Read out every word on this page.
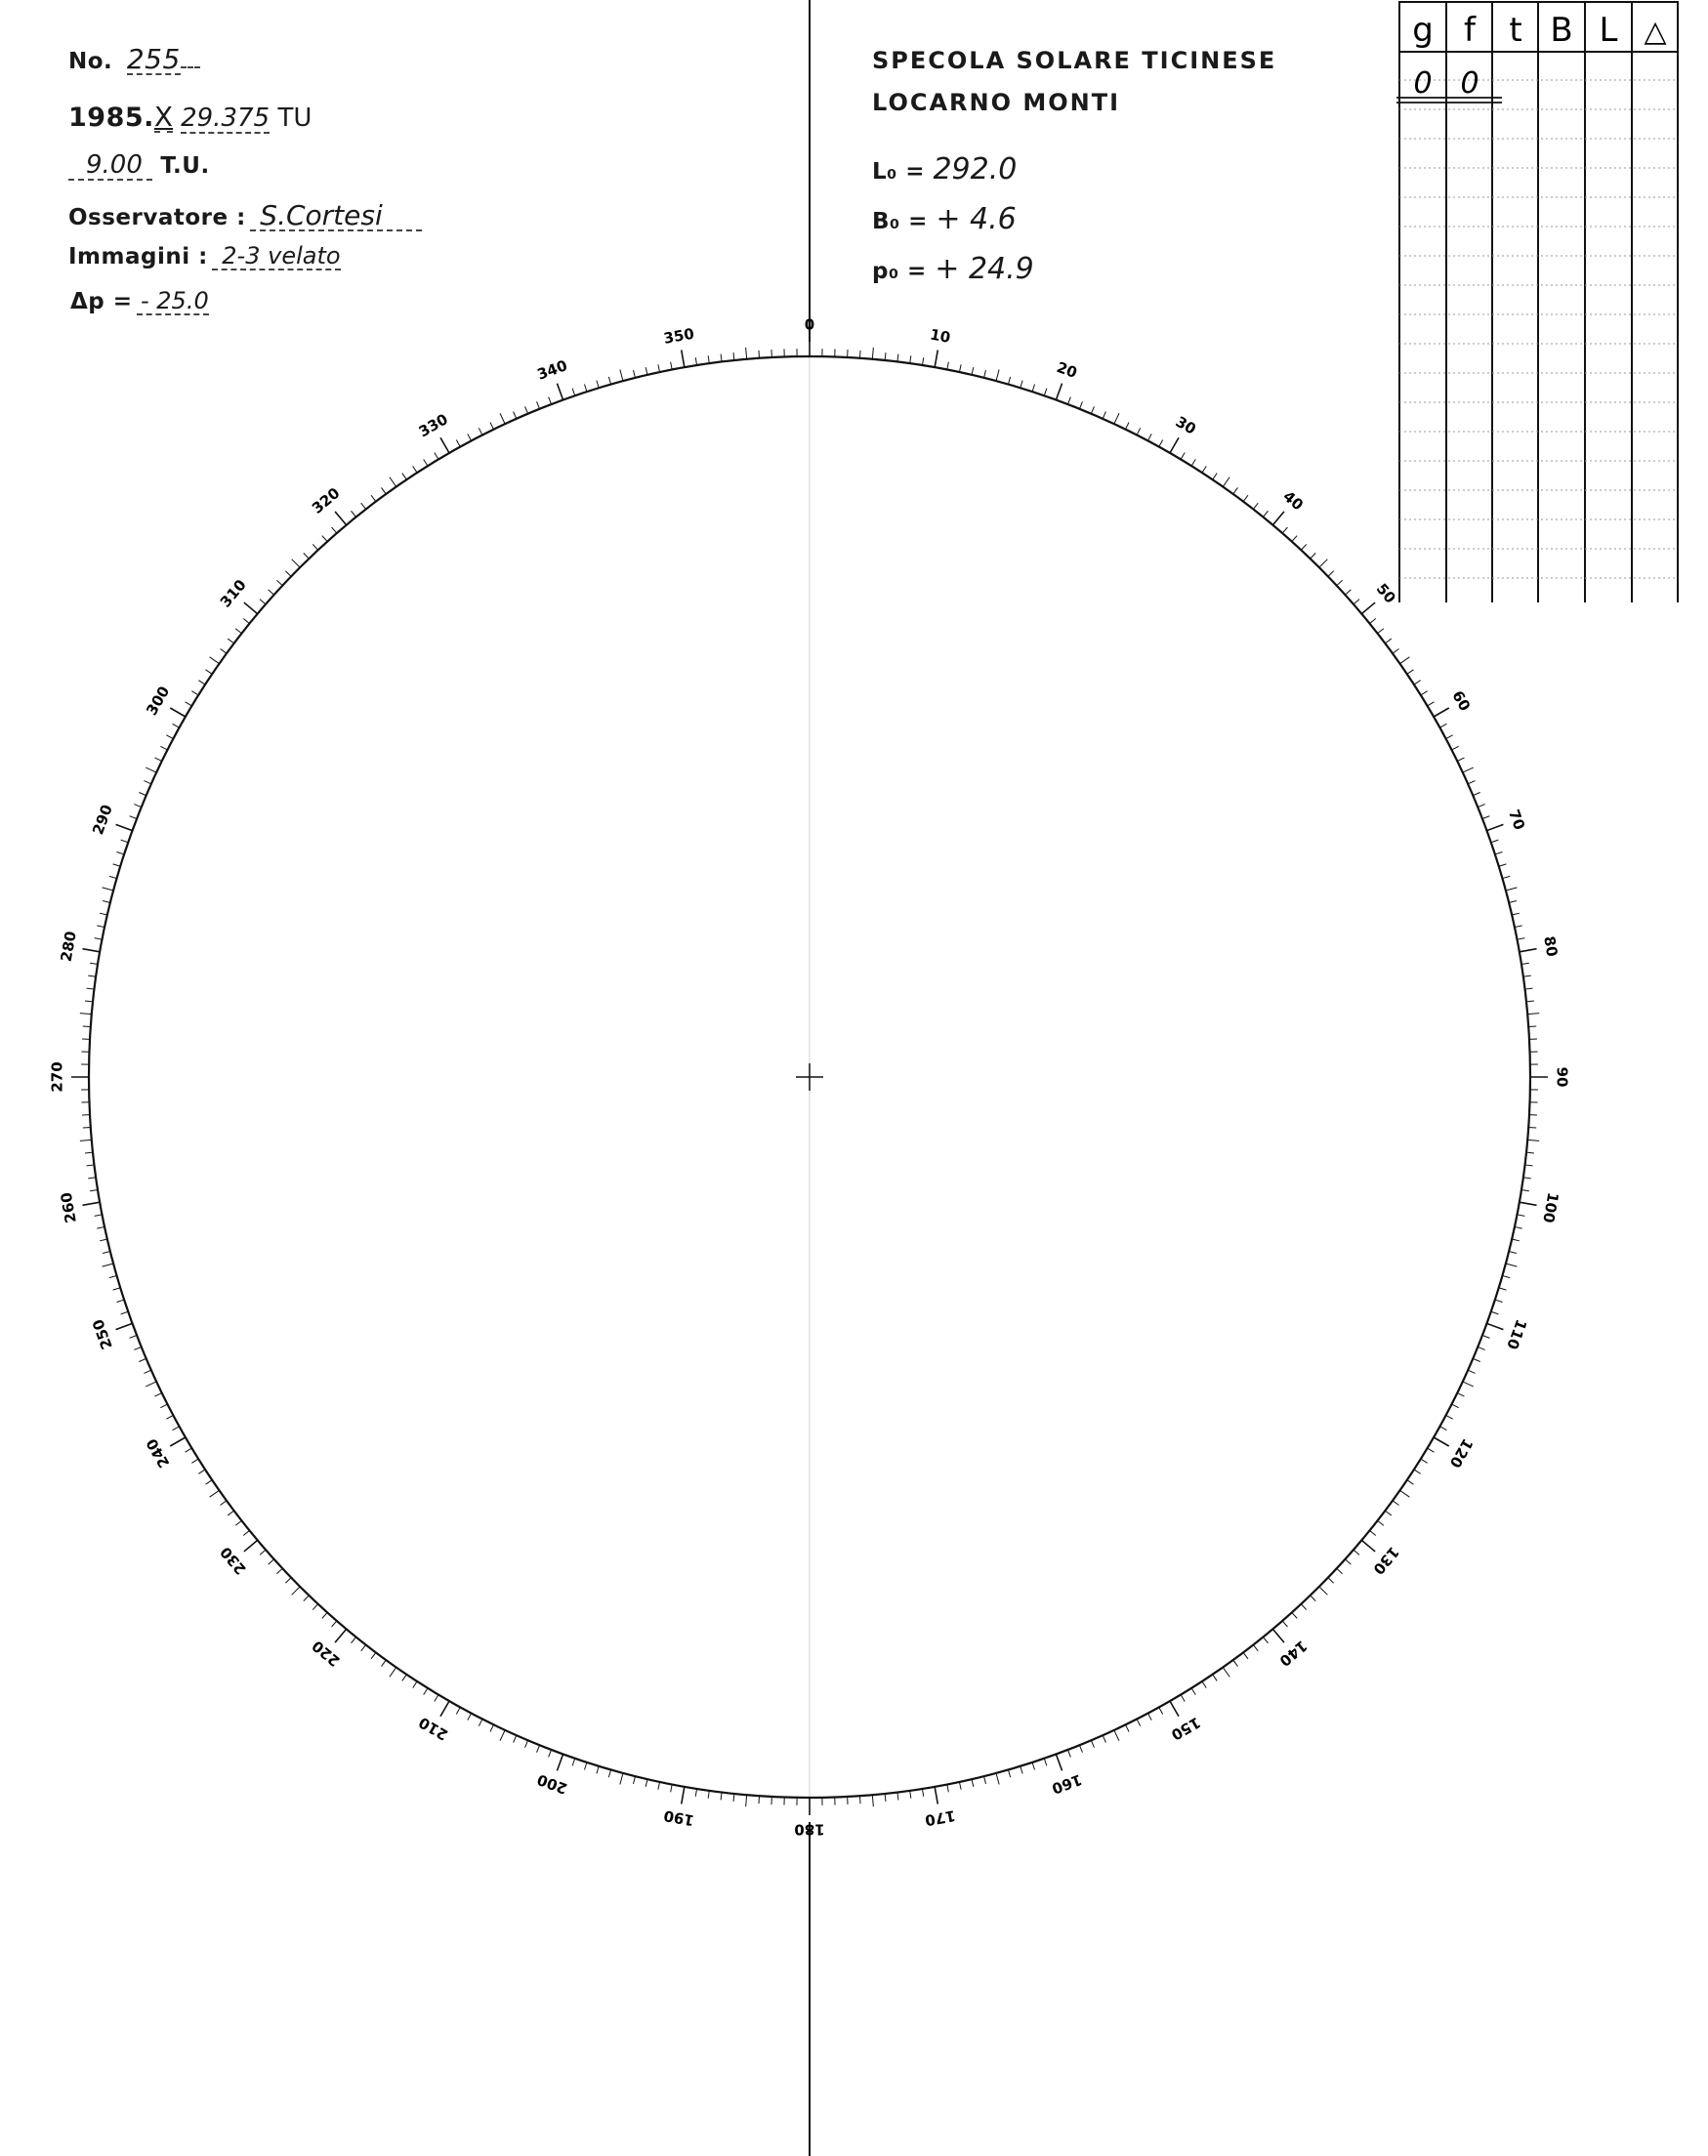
No. 255
1985.X 29.375 TU
9.00 T.U.
Osservatore : S.Cortesi
Immagini : 2-3 velato
Δp = - 25.0
SPECOLA SOLARE TICINESE
LOCARNO MONTI
L₀ = 292.0
B₀ = + 4.6
p₀ = + 24.9
0
10
20
30
40
50
60
70
80
90
100
110
120
130
140
150
160
170
180
190
200
210
220
230
240
250
260
270
280
290
300
310
320
330
340
350
g f t B L △
0 0
